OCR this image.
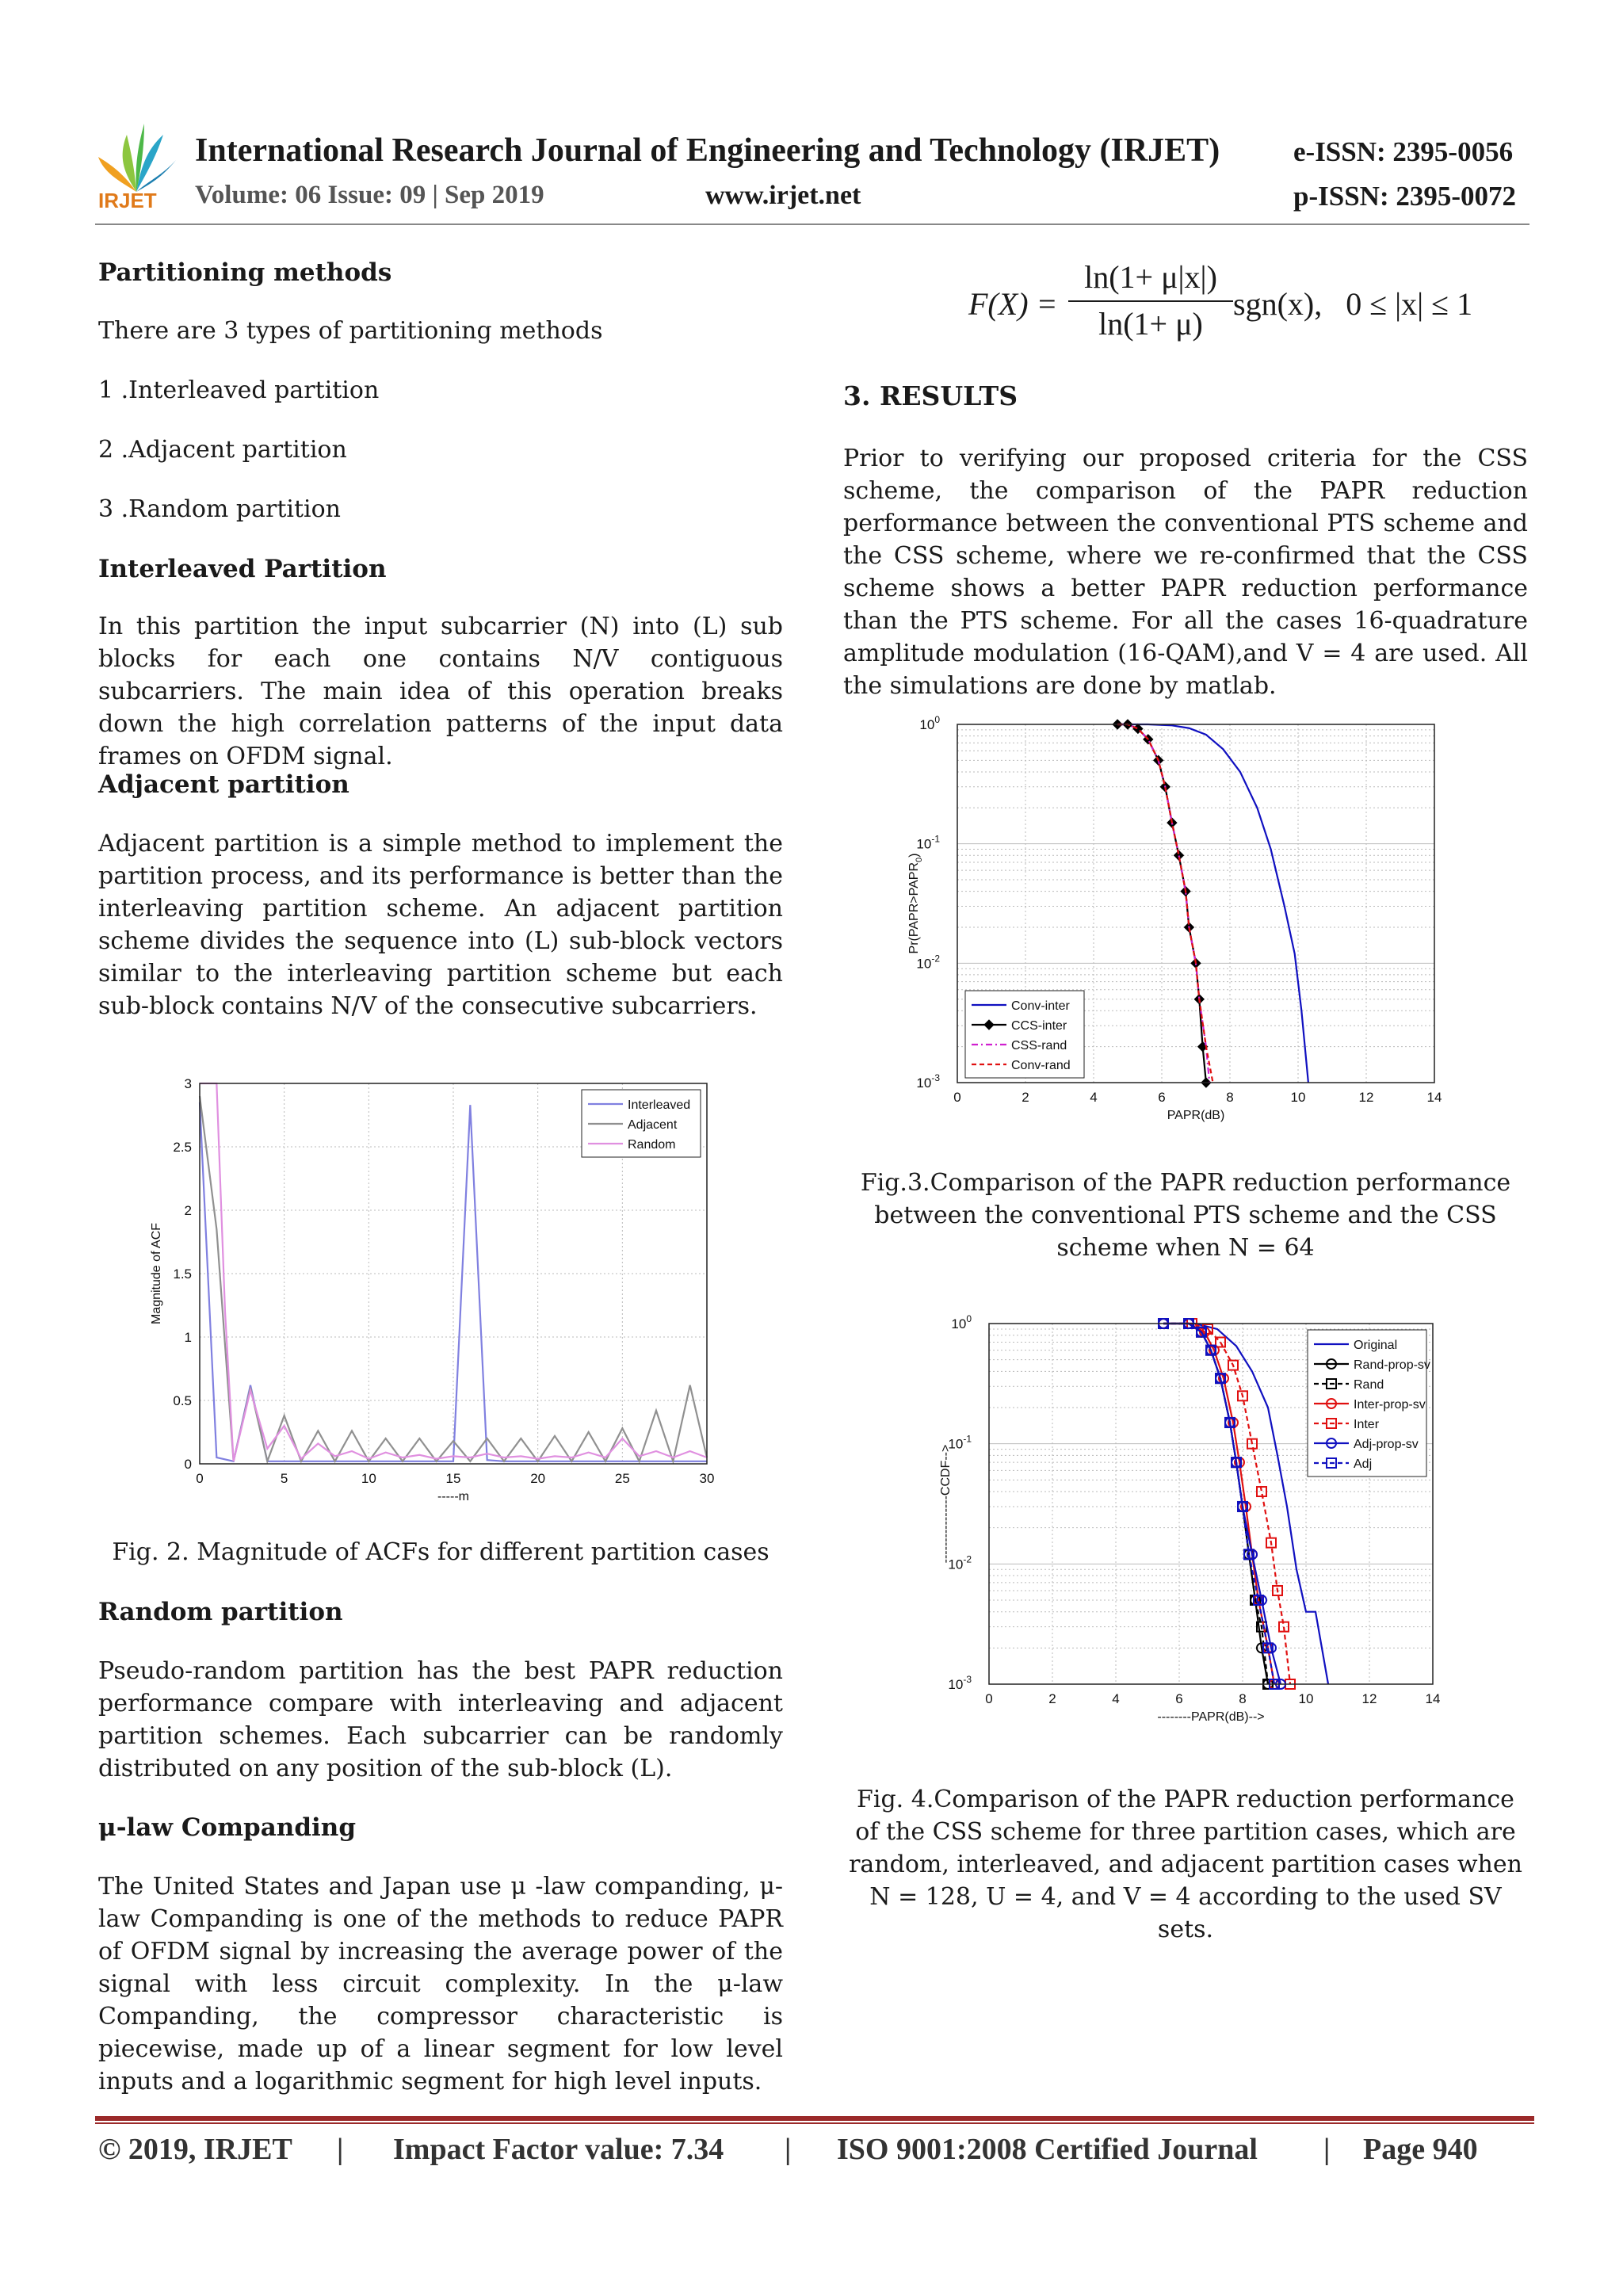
IRJET
International Research Journal of Engineering and Technology (IRJET)	e-ISSN: 2395-0056
Volume: 06 Issue: 09 | Sep 2019	www.irjet.net	p-ISSN: 2395-0072
Partitioning methods
There are 3 types of partitioning methods
1 .Interleaved partition
2 .Adjacent partition
3 .Random partition
Interleaved Partition
In this partition the input subcarrier (N) into (L) sub blocks for each one contains N/V contiguous subcarriers. The main idea of this operation breaks down the high correlation patterns of the input data frames on OFDM signal.
Adjacent partition
Adjacent partition is a simple method to implement the partition process, and its performance is better than the interleaving partition scheme. An adjacent partition scheme divides the sequence into (L) sub-block vectors similar to the interleaving partition scheme but each sub-block contains N/V of the consecutive subcarriers.
0	5	10	15	20	25	30
0
0.5
1
1.5
2
2.5
3
-----m
Magnitude of ACF
Interleaved
Adjacent
Random
Fig. 2. Magnitude of ACFs for different partition cases
Random partition
Pseudo-random partition has the best PAPR reduction performance compare with interleaving and adjacent partition schemes. Each subcarrier can be randomly distributed on any position of the sub-block (L).
μ-law Companding
The United States and Japan use μ -law companding, μ-law Companding is one of the methods to reduce PAPR of OFDM signal by increasing the average power of the signal with less circuit complexity. In the μ-law Companding, the compressor characteristic is piecewise, made up of a linear segment for low level inputs and a logarithmic segment for high level inputs.
F(X) =
ln(1+ μ|x|)
ln(1+ μ)
sgn(x),   0 ≤ |x| ≤ 1
3. RESULTS
Prior to verifying our proposed criteria for the CSS scheme, the comparison of the PAPR reduction performance between the conventional PTS scheme and the CSS scheme, where we re-confirmed that the CSS scheme shows a better PAPR reduction performance than the PTS scheme. For all the cases 16-quadrature amplitude modulation (16-QAM),and V = 4 are used. All the simulations are done by matlab.
0	2	4	6	8	10	12	14
$10^{-3}$
$10^{-2}$
$10^{-1}$
$10^0$
PAPR(dB)
$Pr(PAPR>PAPR_0)$
Conv-inter
CCS-inter
CSS-rand
Conv-rand
Fig.3.Comparison of the PAPR reduction performance between the conventional PTS scheme and the CSS scheme when N = 64
0	2	4	6	8	10	12	14
$10^{-3}$
$10^{-2}$
$10^{-1}$
$10^0$
--------PAPR(dB)-->
----------------CCDF-->
Original
Rand-prop-sv
Rand
Inter-prop-sv
Inter
Adj-prop-sv
Adj
Fig. 4.Comparison of the PAPR reduction performance of the CSS scheme for three partition cases, which are random, interleaved, and adjacent partition cases when N = 128, U = 4, and V = 4 according to the used SV sets.
© 2019, IRJET | Impact Factor value: 7.34 | ISO 9001:2008 Certified Journal | Page 940
